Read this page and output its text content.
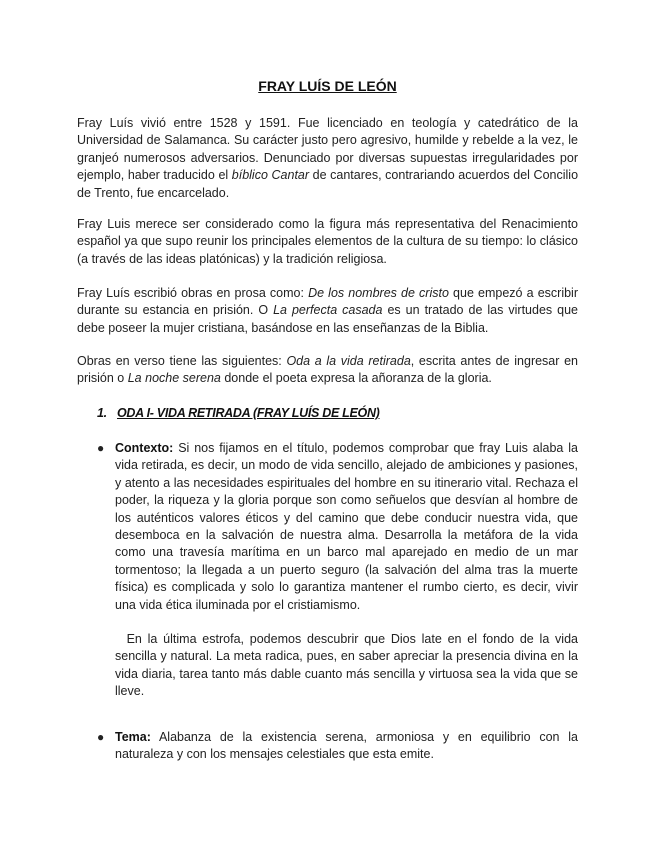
FRAY LUÍS DE LEÓN

Fray Luís vivió entre 1528 y 1591. Fue licenciado en teología y catedrático de la Universidad de Salamanca. Su carácter justo pero agresivo, humilde y rebelde a la vez, le granjeó numerosos adversarios. Denunciado por diversas supuestas irregularidades por ejemplo, haber traducido el bíblico Cantar de cantares, contrariando acuerdos del Concilio de Trento, fue encarcelado.

Fray Luis merece ser considerado como la figura más representativa del Renacimiento español ya que supo reunir los principales elementos de la cultura de su tiempo: lo clásico (a través de las ideas platónicas) y la tradición religiosa.

Fray Luís escribió obras en prosa como: De los nombres de cristo que empezó a escribir durante su estancia en prisión. O La perfecta casada es un tratado de las virtudes que debe poseer la mujer cristiana, basándose en las enseñanzas de la Biblia.

Obras en verso tiene las siguientes: Oda a la vida retirada, escrita antes de ingresar en prisión o La noche serena donde el poeta expresa la añoranza de la gloria.

1. ODA I- VIDA RETIRADA (FRAY LUÍS DE LEÓN)
● Contexto: Si nos fijamos en el título, podemos comprobar que fray Luis alaba la vida retirada, es decir, un modo de vida sencillo, alejado de ambiciones y pasiones, y atento a las necesidades espirituales del hombre en su itinerario vital. Rechaza el poder, la riqueza y la gloria porque son como señuelos que desvían al hombre de los auténticos valores éticos y del camino que debe conducir nuestra vida, que desemboca en la salvación de nuestra alma. Desarrolla la metáfora de la vida como una travesía marítima en un barco mal aparejado en medio de un mar tormentoso; la llegada a un puerto seguro (la salvación del alma tras la muerte física) es complicada y solo lo garantiza mantener el rumbo cierto, es decir, vivir una vida ética iluminada por el cristiamismo.

En la última estrofa, podemos descubrir que Dios late en el fondo de la vida sencilla y natural. La meta radica, pues, en saber apreciar la presencia divina en la vida diaria, tarea tanto más dable cuanto más sencilla y virtuosa sea la vida que se lleve.

● Tema: Alabanza de la existencia serena, armoniosa y en equilibrio con la naturaleza y con los mensajes celestiales que esta emite.
